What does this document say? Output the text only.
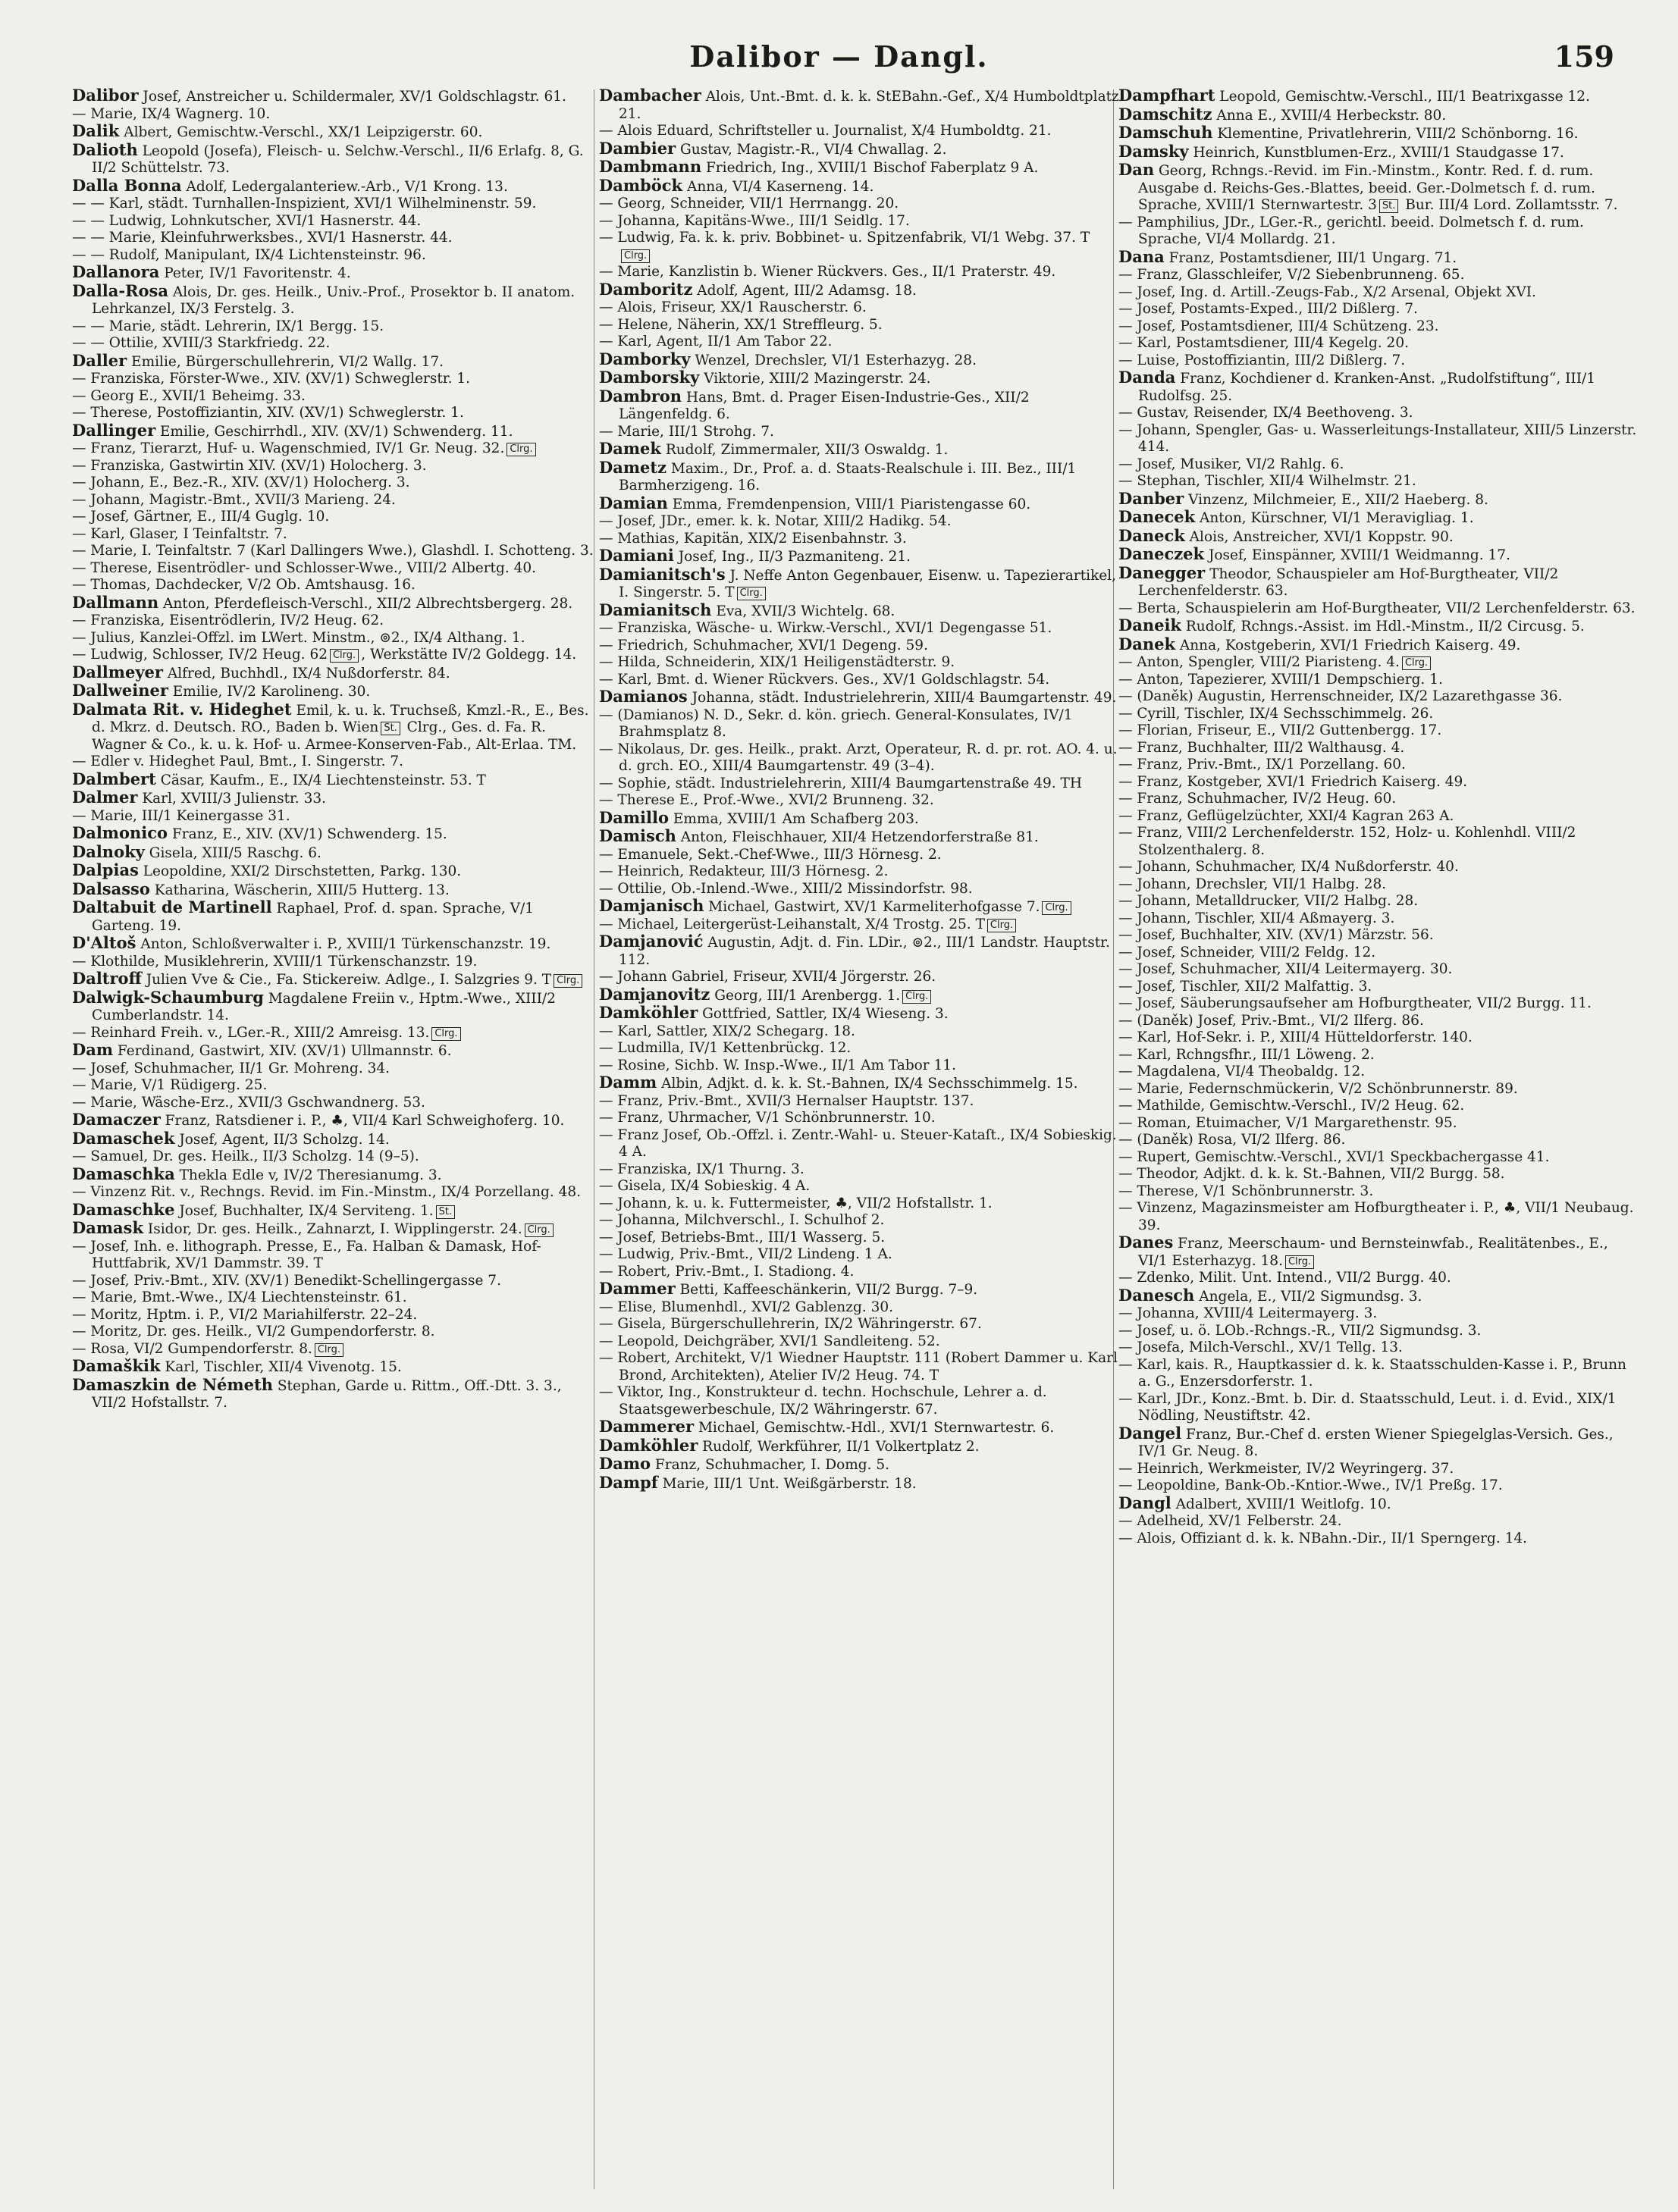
Dalibor — Dangl.	159
Dalibor Josef, Anstreicher u. Schildermaler, XV/1 Goldschlagstr. 61.
— Marie, IX/4 Wagnerg. 10.
Dalik Albert, Gemischtw.-Verschl., XX/1 Leipzigerstr. 60.
Dalioth Leopold (Josefa), Fleisch- u. Selchw.-Verschl., II/6 Erlafg. 8, G. II/2 Schüttelstr. 73.
Dalla Bonna Adolf, Ledergalanteriew.-Arb., V/1 Krong. 13.
— — Karl, städt. Turnhallen-Inspizient, XVI/1 Wilhelminenstr. 59.
— — Ludwig, Lohnkutscher, XVI/1 Hasnerstr. 44.
— — Marie, Kleinfuhrwerksbes., XVI/1 Hasnerstr. 44.
— — Rudolf, Manipulant, IX/4 Lichtensteinstr. 96.
Dallanora Peter, IV/1 Favoritenstr. 4.
Dalla-Rosa Alois, Dr. ges. Heilk., Univ.-Prof., Prosektor b. II anatom. Lehrkanzel, IX/3 Ferstelg. 3.
— — Marie, städt. Lehrerin, IX/1 Bergg. 15.
— — Ottilie, XVIII/3 Starkfriedg. 22.
Daller Emilie, Bürgerschullehrerin, VI/2 Wallg. 17.
— Franziska, Förster-Wwe., XIV. (XV/1) Schweglerstr. 1.
— Georg E., XVII/1 Beheimg. 33.
— Therese, Postoffiziantin, XIV. (XV/1) Schweglerstr. 1.
Dallinger Emilie, Geschirrhdl., XIV. (XV/1) Schwenderg. 11.
— Franz, Tierarzt, Huf- u. Wagenschmied, IV/1 Gr. Neug. 32. Clrg.
— Franziska, Gastwirtin XIV. (XV/1) Holocherg. 3.
— Johann, E., Bez.-R., XIV. (XV/1) Holocherg. 3.
— Johann, Magistr.-Bmt., XVII/3 Marieng. 24.
— Josef, Gärtner, E., III/4 Guglg. 10.
— Karl, Glaser, I Teinfaltstr. 7.
— Marie, I. Teinfaltstr. 7 (Karl Dallingers Wwe.), Glashdl. I. Schotteng. 3.
— Therese, Eisentrödler- und Schlosser-Wwe., VIII/2 Albertg. 40.
— Thomas, Dachdecker, V/2 Ob. Amtshausg. 16.
Dallmann Anton, Pferdefleisch-Verschl., XII/2 Albrechtsbergerg. 28.
— Franziska, Eisentrödlerin, IV/2 Heug. 62.
— Julius, Kanzlei-Offzl. im LWert. Minstm., ⊚2., IX/4 Althang. 1.
— Ludwig, Schlosser, IV/2 Heug. 62 Clrg. , Werkstätte IV/2 Goldegg. 14.
Dallmeyer Alfred, Buchhdl., IX/4 Nußdorferstr. 84.
Dallweiner Emilie, IV/2 Karolineng. 30.
Dalmata Rit. v. Hideghet Emil, k. u. k. Truchseß, Kmzl.-R., E., Bes. d. Mkrz. d. Deutsch. RO., Baden b. Wien St. Clrg., Ges. d. Fa. R. Wagner & Co., k. u. k. Hof- u. Armee-Konserven-Fab., Alt-Erlaa. TM.
— Edler v. Hideghet Paul, Bmt., I. Singerstr. 7.
Dalmbert Cäsar, Kaufm., E., IX/4 Liechtensteinstr. 53. T
Dalmer Karl, XVIII/3 Julienstr. 33.
— Marie, III/1 Keinergasse 31.
Dalmonico Franz, E., XIV. (XV/1) Schwenderg. 15.
Dalnoky Gisela, XIII/5 Raschg. 6.
Dalpias Leopoldine, XXI/2 Dirschstetten, Parkg. 130.
Dalsasso Katharina, Wäscherin, XIII/5 Hutterg. 13.
Daltabuit de Martinell Raphael, Prof. d. span. Sprache, V/1 Garteng. 19.
D'Altoš Anton, Schloßverwalter i. P., XVIII/1 Türkenschanzstr. 19.
— Klothilde, Musiklehrerin, XVIII/1 Türkenschanzstr. 19.
Daltroff Julien Vve & Cie., Fa. Stickereiw. Adlge., I. Salzgries 9. T Clrg.
Dalwigk-Schaumburg Magdalene Freiin v., Hptm.-Wwe., XIII/2 Cumberlandstr. 14.
— Reinhard Freih. v., LGer.-R., XIII/2 Amreisg. 13. Clrg.
Dam Ferdinand, Gastwirt, XIV. (XV/1) Ullmannstr. 6.
— Josef, Schuhmacher, II/1 Gr. Mohreng. 34.
— Marie, V/1 Rüdigerg. 25.
— Marie, Wäsche-Erz., XVII/3 Gschwandnerg. 53.
Damaczer Franz, Ratsdiener i. P., ♣, VII/4 Karl Schweighoferg. 10.
Damaschek Josef, Agent, II/3 Scholzg. 14.
— Samuel, Dr. ges. Heilk., II/3 Scholzg. 14 (9–5).
Damaschka Thekla Edle v, IV/2 Theresianumg. 3.
— Vinzenz Rit. v., Rechngs. Revid. im Fin.-Minstm., IX/4 Porzellang. 48.
Damaschke Josef, Buchhalter, IX/4 Serviteng. 1. St.
Damask Isidor, Dr. ges. Heilk., Zahnarzt, I. Wipplingerstr. 24. Clrg.
— Josef, Inh. e. lithograph. Presse, E., Fa. Halban & Damask, Hof-Huttfabrik, XV/1 Dammstr. 39. T
— Josef, Priv.-Bmt., XIV. (XV/1) Benedikt-Schellingergasse 7.
— Marie, Bmt.-Wwe., IX/4 Liechtensteinstr. 61.
— Moritz, Hptm. i. P., VI/2 Mariahilferstr. 22–24.
— Moritz, Dr. ges. Heilk., VI/2 Gumpendorferstr. 8.
— Rosa, VI/2 Gumpendorferstr. 8. Clrg.
Damaškik Karl, Tischler, XII/4 Vivenotg. 15.
Damaszkin de Németh Stephan, Garde u. Rittm., Off.-Dtt. 3. 3., VII/2 Hofstallstr. 7.
Dambacher Alois, Unt.-Bmt. d. k. k. StEBahn.-Gef., X/4 Humboldtplatz 21.
— Alois Eduard, Schriftsteller u. Journalist, X/4 Humboldtg. 21.
Dambier Gustav, Magistr.-R., VI/4 Chwallag. 2.
Dambmann Friedrich, Ing., XVIII/1 Bischof Faberplatz 9 A.
Damböck Anna, VI/4 Kaserneng. 14.
— Georg, Schneider, VII/1 Herrnangg. 20.
— Johanna, Kapitäns-Wwe., III/1 Seidlg. 17.
— Ludwig, Fa. k. k. priv. Bobbinet- u. Spitzenfabrik, VI/1 Webg. 37. TClrg.
— Marie, Kanzlistin b. Wiener Rückvers. Ges., II/1 Praterstr. 49.
Damboritz Adolf, Agent, III/2 Adamsg. 18.
— Alois, Friseur, XX/1 Rauscherstr. 6.
— Helene, Näherin, XX/1 Streffleurg. 5.
— Karl, Agent, II/1 Am Tabor 22.
Damborky Wenzel, Drechsler, VI/1 Esterhazyg. 28.
Damborsky Viktorie, XIII/2 Mazingerstr. 24.
Dambron Hans, Bmt. d. Prager Eisen-Industrie-Ges., XII/2 Längenfeldg. 6.
— Marie, III/1 Strohg. 7.
Damek Rudolf, Zimmermaler, XII/3 Oswaldg. 1.
Dametz Maxim., Dr., Prof. a. d. Staats-Realschule i. III. Bez., III/1 Barmherzigeng. 16.
Damian Emma, Fremdenpension, VIII/1 Piaristengasse 60.
— Josef, JDr., emer. k. k. Notar, XIII/2 Hadikg. 54.
— Mathias, Kapitän, XIX/2 Eisenbahnstr. 3.
Damiani Josef, Ing., II/3 Pazmaniteng. 21.
Damianitsch's J. Neffe Anton Gegenbauer, Eisenw. u. Tapezierartikel, I. Singerstr. 5. T Clrg.
Damianitsch Eva, XVII/3 Wichtelg. 68.
— Franziska, Wäsche- u. Wirkw.-Verschl., XVI/1 Degengasse 51.
— Friedrich, Schuhmacher, XVI/1 Degeng. 59.
— Hilda, Schneiderin, XIX/1 Heiligenstädterstr. 9.
— Karl, Bmt. d. Wiener Rückvers. Ges., XV/1 Goldschlagstr. 54.
Damianos Johanna, städt. Industrielehrerin, XIII/4 Baumgartenstr. 49.
— (Damianos) N. D., Sekr. d. kön. griech. General-Konsulates, IV/1 Brahmsplatz 8.
— Nikolaus, Dr. ges. Heilk., prakt. Arzt, Operateur, R. d. pr. rot. AO. 4. u. d. grch. EO., XIII/4 Baumgartenstr. 49 (3–4).
— Sophie, städt. Industrielehrerin, XIII/4 Baumgartenstraße 49. TH
— Therese E., Prof.-Wwe., XVI/2 Brunneng. 32.
Damillo Emma, XVIII/1 Am Schafberg 203.
Damisch Anton, Fleischhauer, XII/4 Hetzendorferstraße 81.
— Emanuele, Sekt.-Chef-Wwe., III/3 Hörnesg. 2.
— Heinrich, Redakteur, III/3 Hörnesg. 2.
— Ottilie, Ob.-Inlend.-Wwe., XIII/2 Missindorfstr. 98.
Damjanisch Michael, Gastwirt, XV/1 Karmeliterhofgasse 7. Clrg.
— Michael, Leitergerüst-Leihanstalt, X/4 Trostg. 25. T Clrg.
Damjanović Augustin, Adjt. d. Fin. LDir., ⊚2., III/1 Landstr. Hauptstr. 112.
— Johann Gabriel, Friseur, XVII/4 Jörgerstr. 26.
Damjanovitz Georg, III/1 Arenbergg. 1. Clrg.
Damköhler Gottfried, Sattler, IX/4 Wieseng. 3.
— Karl, Sattler, XIX/2 Schegarg. 18.
— Ludmilla, IV/1 Kettenbrückg. 12.
— Rosine, Sichb. W. Insp.-Wwe., II/1 Am Tabor 11.
Damm Albin, Adjkt. d. k. k. St.-Bahnen, IX/4 Sechsschimmelg. 15.
— Franz, Priv.-Bmt., XVII/3 Hernalser Hauptstr. 137.
— Franz, Uhrmacher, V/1 Schönbrunnerstr. 10.
— Franz Josef, Ob.-Offzl. i. Zentr.-Wahl- u. Steuer-Kataſt., IX/4 Sobieskig. 4 A.
— Franziska, IX/1 Thurng. 3.
— Gisela, IX/4 Sobieskig. 4 A.
— Johann, k. u. k. Futtermeister, ♣, VII/2 Hofstallstr. 1.
— Johanna, Milchverschl., I. Schulhof 2.
— Josef, Betriebs-Bmt., III/1 Wasserg. 5.
— Ludwig, Priv.-Bmt., VII/2 Lindeng. 1 A.
— Robert, Priv.-Bmt., I. Stadiong. 4.
Dammer Betti, Kaffeeschänkerin, VII/2 Burgg. 7–9.
— Elise, Blumenhdl., XVI/2 Gablenzg. 30.
— Gisela, Bürgerschullehrerin, IX/2 Währingerstr. 67.
— Leopold, Deichgräber, XVI/1 Sandleiteng. 52.
— Robert, Architekt, V/1 Wiedner Hauptstr. 111 (Robert Dammer u. Karl Brond, Architekten), Atelier IV/2 Heug. 74. T
— Viktor, Ing., Konstrukteur d. techn. Hochschule, Lehrer a. d. Staatsgewerbeschule, IX/2 Währingerstr. 67.
Dammerer Michael, Gemischtw.-Hdl., XVI/1 Sternwartestr. 6.
Damköhler Rudolf, Werkführer, II/1 Volkertplatz 2.
Damo Franz, Schuhmacher, I. Domg. 5.
Dampf Marie, III/1 Unt. Weißgärberstr. 18.
Dampfhart Leopold, Gemischtw.-Verschl., III/1 Beatrixgasse 12.
Damschitz Anna E., XVIII/4 Herbeckstr. 80.
Damschuh Klementine, Privatlehrerin, VIII/2 Schönborng. 16.
Damsky Heinrich, Kunstblumen-Erz., XVIII/1 Staudgasse 17.
Dan Georg, Rchngs.-Revid. im Fin.-Minstm., Kontr. Red. f. d. rum. Ausgabe d. Reichs-Ges.-Blattes, beeid. Ger.-Dolmetsch f. d. rum. Sprache, XVIII/1 Sternwartestr. 3 St. Bur. III/4 Lord. Zollamtsstr. 7.
— Pamphilius, JDr., LGer.-R., gerichtl. beeid. Dolmetsch f. d. rum. Sprache, VI/4 Mollardg. 21.
Dana Franz, Postamtsdiener, III/1 Ungarg. 71.
— Franz, Glasschleifer, V/2 Siebenbrunneng. 65.
— Josef, Ing. d. Artill.-Zeugs-Fab., X/2 Arsenal, Objekt XVI.
— Josef, Postamts-Exped., III/2 Dißlerg. 7.
— Josef, Postamtsdiener, III/4 Schützeng. 23.
— Karl, Postamtsdiener, III/4 Kegelg. 20.
— Luise, Postoffiziantin, III/2 Dißlerg. 7.
Danda Franz, Kochdiener d. Kranken-Anst. „Rudolfstiftung“, III/1 Rudolfsg. 25.
— Gustav, Reisender, IX/4 Beethoveng. 3.
— Johann, Spengler, Gas- u. Wasserleitungs-Installateur, XIII/5 Linzerstr. 414.
— Josef, Musiker, VI/2 Rahlg. 6.
— Stephan, Tischler, XII/4 Wilhelmstr. 21.
Danber Vinzenz, Milchmeier, E., XII/2 Haeberg. 8.
Danecek Anton, Kürschner, VI/1 Meravigliag. 1.
Daneck Alois, Anstreicher, XVI/1 Koppstr. 90.
Daneczek Josef, Einspänner, XVIII/1 Weidmanng. 17.
Danegger Theodor, Schauspieler am Hof-Burgtheater, VII/2 Lerchenfelderstr. 63.
— Berta, Schauspielerin am Hof-Burgtheater, VII/2 Lerchenfelderstr. 63.
Daneik Rudolf, Rchngs.-Assist. im Hdl.-Minstm., II/2 Circusg. 5.
Danek Anna, Kostgeberin, XVI/1 Friedrich Kaiserg. 49.
— Anton, Spengler, VIII/2 Piaristeng. 4. Clrg.
— Anton, Tapezierer, XVIII/1 Dempschierg. 1.
— (Daněk) Augustin, Herrenschneider, IX/2 Lazarethgasse 36.
— Cyrill, Tischler, IX/4 Sechsschimmelg. 26.
— Florian, Friseur, E., VII/2 Guttenbergg. 17.
— Franz, Buchhalter, III/2 Walthausg. 4.
— Franz, Priv.-Bmt., IX/1 Porzellang. 60.
— Franz, Kostgeber, XVI/1 Friedrich Kaiserg. 49.
— Franz, Schuhmacher, IV/2 Heug. 60.
— Franz, Geflügelzüchter, XXI/4 Kagran 263 A.
— Franz, VIII/2 Lerchenfelderstr. 152, Holz- u. Kohlenhdl. VIII/2 Stolzenthalerg. 8.
— Johann, Schuhmacher, IX/4 Nußdorferstr. 40.
— Johann, Drechsler, VII/1 Halbg. 28.
— Johann, Metalldrucker, VII/2 Halbg. 28.
— Johann, Tischler, XII/4 Aßmayerg. 3.
— Josef, Buchhalter, XIV. (XV/1) Märzstr. 56.
— Josef, Schneider, VIII/2 Feldg. 12.
— Josef, Schuhmacher, XII/4 Leitermayerg. 30.
— Josef, Tischler, XII/2 Malfattig. 3.
— Josef, Säuberungsaufseher am Hofburgtheater, VII/2 Burgg. 11.
— (Daněk) Josef, Priv.-Bmt., VI/2 Ilferg. 86.
— Karl, Hof-Sekr. i. P., XIII/4 Hütteldorferstr. 140.
— Karl, Rchngsfhr., III/1 Löweng. 2.
— Magdalena, VI/4 Theobaldg. 12.
— Marie, Federnschmückerin, V/2 Schönbrunnerstr. 89.
— Mathilde, Gemischtw.-Verschl., IV/2 Heug. 62.
— Roman, Etuimacher, V/1 Margarethenstr. 95.
— (Daněk) Rosa, VI/2 Ilferg. 86.
— Rupert, Gemischtw.-Verschl., XVI/1 Speckbachergasse 41.
— Theodor, Adjkt. d. k. k. St.-Bahnen, VII/2 Burgg. 58.
— Therese, V/1 Schönbrunnerstr. 3.
— Vinzenz, Magazinsmeister am Hofburgtheater i. P., ♣, VII/1 Neubaug. 39.
Danes Franz, Meerschaum- und Bernsteinwfab., Realitätenbes., E., VI/1 Esterhazyg. 18. Clrg.
— Zdenko, Milit. Unt. Intend., VII/2 Burgg. 40.
Danesch Angela, E., VII/2 Sigmundsg. 3.
— Johanna, XVIII/4 Leitermayerg. 3.
— Josef, u. ö. LOb.-Rchngs.-R., VII/2 Sigmundsg. 3.
— Josefa, Milch-Verschl., XV/1 Tellg. 13.
— Karl, kais. R., Hauptkassier d. k. k. Staatsschulden-Kasse i. P., Brunn a. G., Enzersdorferstr. 1.
— Karl, JDr., Konz.-Bmt. b. Dir. d. Staatsschuld, Leut. i. d. Evid., XIX/1 Nödling, Neustiftstr. 42.
Dangel Franz, Bur.-Chef d. ersten Wiener Spiegelglas-Versich. Ges., IV/1 Gr. Neug. 8.
— Heinrich, Werkmeister, IV/2 Weyringerg. 37.
— Leopoldine, Bank-Ob.-Kntior.-Wwe., IV/1 Preßg. 17.
Dangl Adalbert, XVIII/1 Weitlofg. 10.
— Adelheid, XV/1 Felberstr. 24.
— Alois, Offiziant d. k. k. NBahn.-Dir., II/1 Sperngerg. 14.
